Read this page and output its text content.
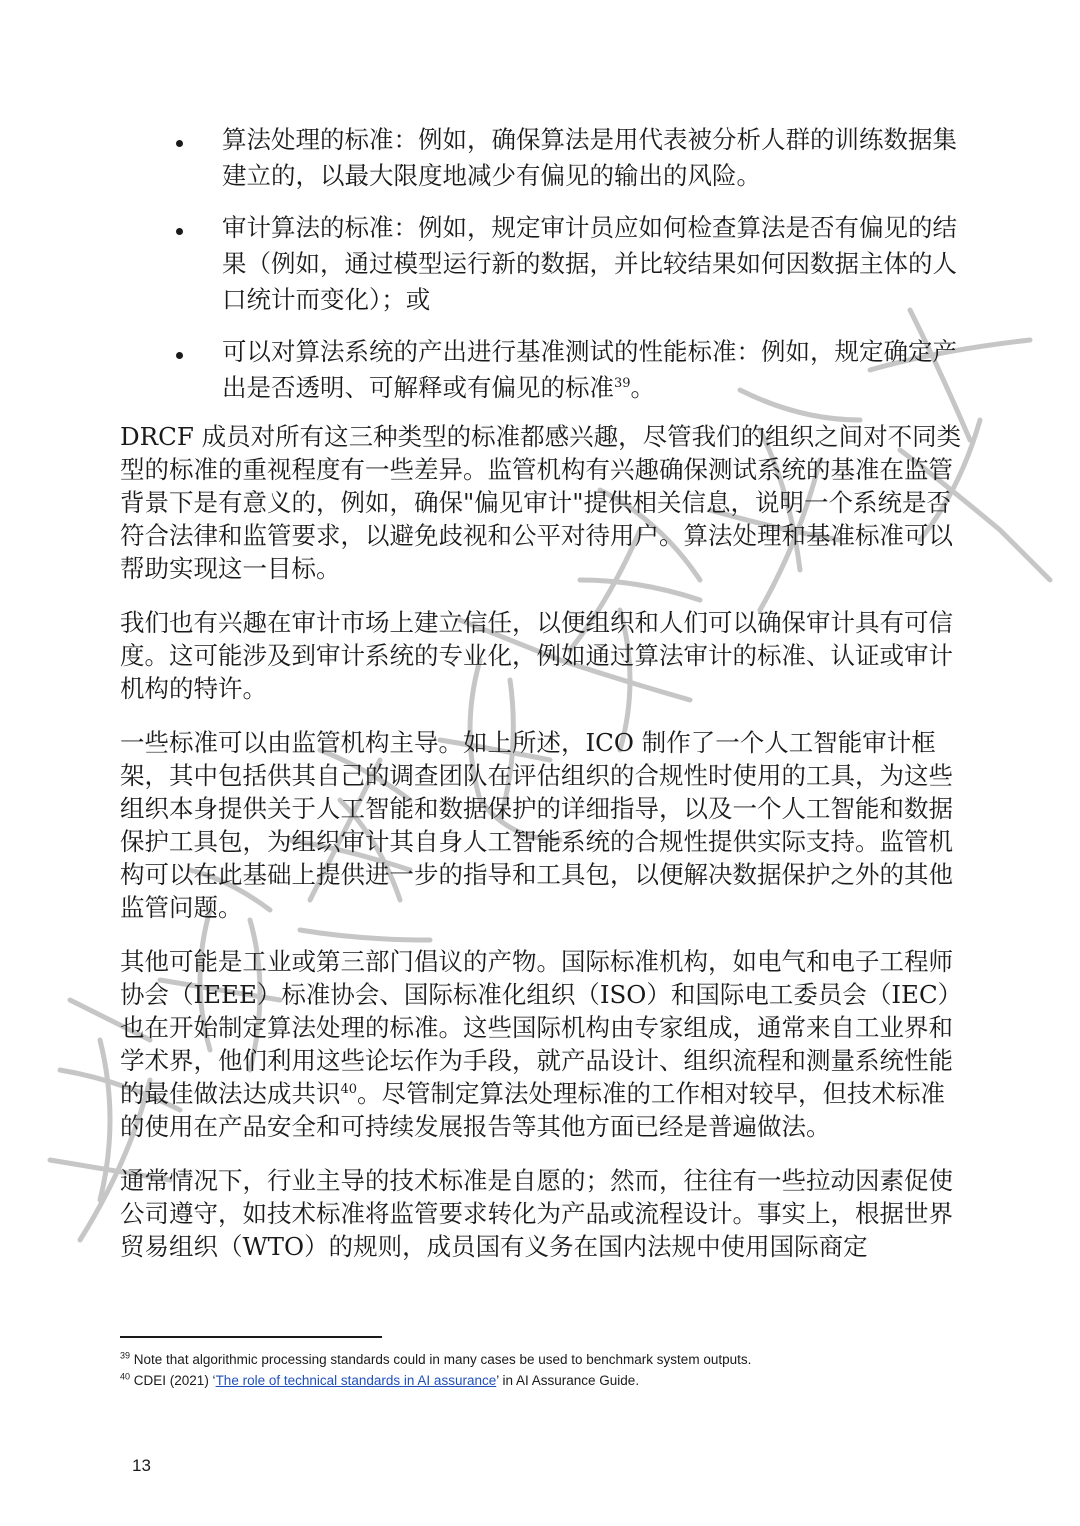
算法处理的标准：例如，确保算法是用代表被分析人群的训练数据集建立的，以最大限度地减少有偏见的输出的风险。
审计算法的标准：例如，规定审计员应如何检查算法是否有偏见的结果（例如，通过模型运行新的数据，并比较结果如何因数据主体的人口统计而变化）；或
可以对算法系统的产出进行基准测试的性能标准：例如，规定确定产出是否透明、可解释或有偏见的标准$^{39}$。

DRCF 成员对所有这三种类型的标准都感兴趣，尽管我们的组织之间对不同类型的标准的重视程度有一些差异。监管机构有兴趣确保测试系统的基准在监管背景下是有意义的，例如，确保"偏见审计"提供相关信息，说明一个系统是否符合法律和监管要求，以避免歧视和公平对待用户。算法处理和基准标准可以帮助实现这一目标。

我们也有兴趣在审计市场上建立信任，以便组织和人们可以确保审计具有可信度。这可能涉及到审计系统的专业化，例如通过算法审计的标准、认证或审计机构的特许。

一些标准可以由监管机构主导。如上所述，ICO 制作了一个人工智能审计框架，其中包括供其自己的调查团队在评估组织的合规性时使用的工具，为这些组织本身提供关于人工智能和数据保护的详细指导，以及一个人工智能和数据保护工具包，为组织审计其自身人工智能系统的合规性提供实际支持。监管机构可以在此基础上提供进一步的指导和工具包，以便解决数据保护之外的其他监管问题。

其他可能是工业或第三部门倡议的产物。国际标准机构，如电气和电子工程师协会（IEEE）标准协会、国际标准化组织（ISO）和国际电工委员会（IEC）也在开始制定算法处理的标准。这些国际机构由专家组成，通常来自工业界和学术界，他们利用这些论坛作为手段，就产品设计、组织流程和测量系统性能的最佳做法达成共识$^{40}$。尽管制定算法处理标准的工作相对较早，但技术标准的使用在产品安全和可持续发展报告等其他方面已经是普遍做法。

通常情况下，行业主导的技术标准是自愿的；然而，往往有一些拉动因素促使公司遵守，如技术标准将监管要求转化为产品或流程设计。事实上，根据世界贸易组织（WTO）的规则，成员国有义务在国内法规中使用国际商定

$^{39}$ Note that algorithmic processing standards could in many cases be used to benchmark system outputs.
$^{40}$ CDEI (2021) ‘The role of technical standards in AI assurance’ in AI Assurance Guide.
13
